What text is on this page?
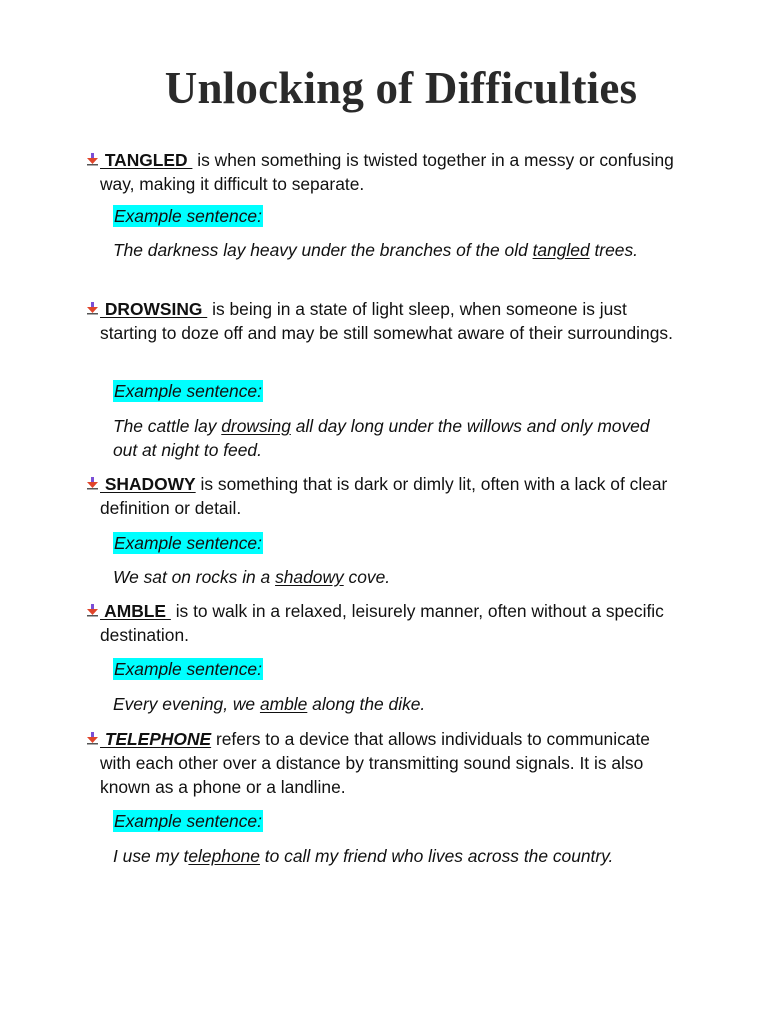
Unlocking of Difficulties

TANGLED  is when something is twisted together in a messy or confusing way, making it difficult to separate.

Example sentence:

The darkness lay heavy under the branches of the old tangled trees.

DROWSING  is being in a state of light sleep, when someone is just starting to doze off and may be still somewhat aware of their surroundings.

Example sentence:

The cattle lay drowsing all day long under the willows and only moved out at night to feed.

SHADOWY is something that is dark or dimly lit, often with a lack of clear definition or detail.

Example sentence:

We sat on rocks in a shadowy cove.

AMBLE  is to walk in a relaxed, leisurely manner, often without a specific destination.

Example sentence:

Every evening, we amble along the dike.

TELEPHONE refers to a device that allows individuals to communicate with each other over a distance by transmitting sound signals. It is also known as a phone or a landline.

Example sentence:

I use my telephone to call my friend who lives across the country.
